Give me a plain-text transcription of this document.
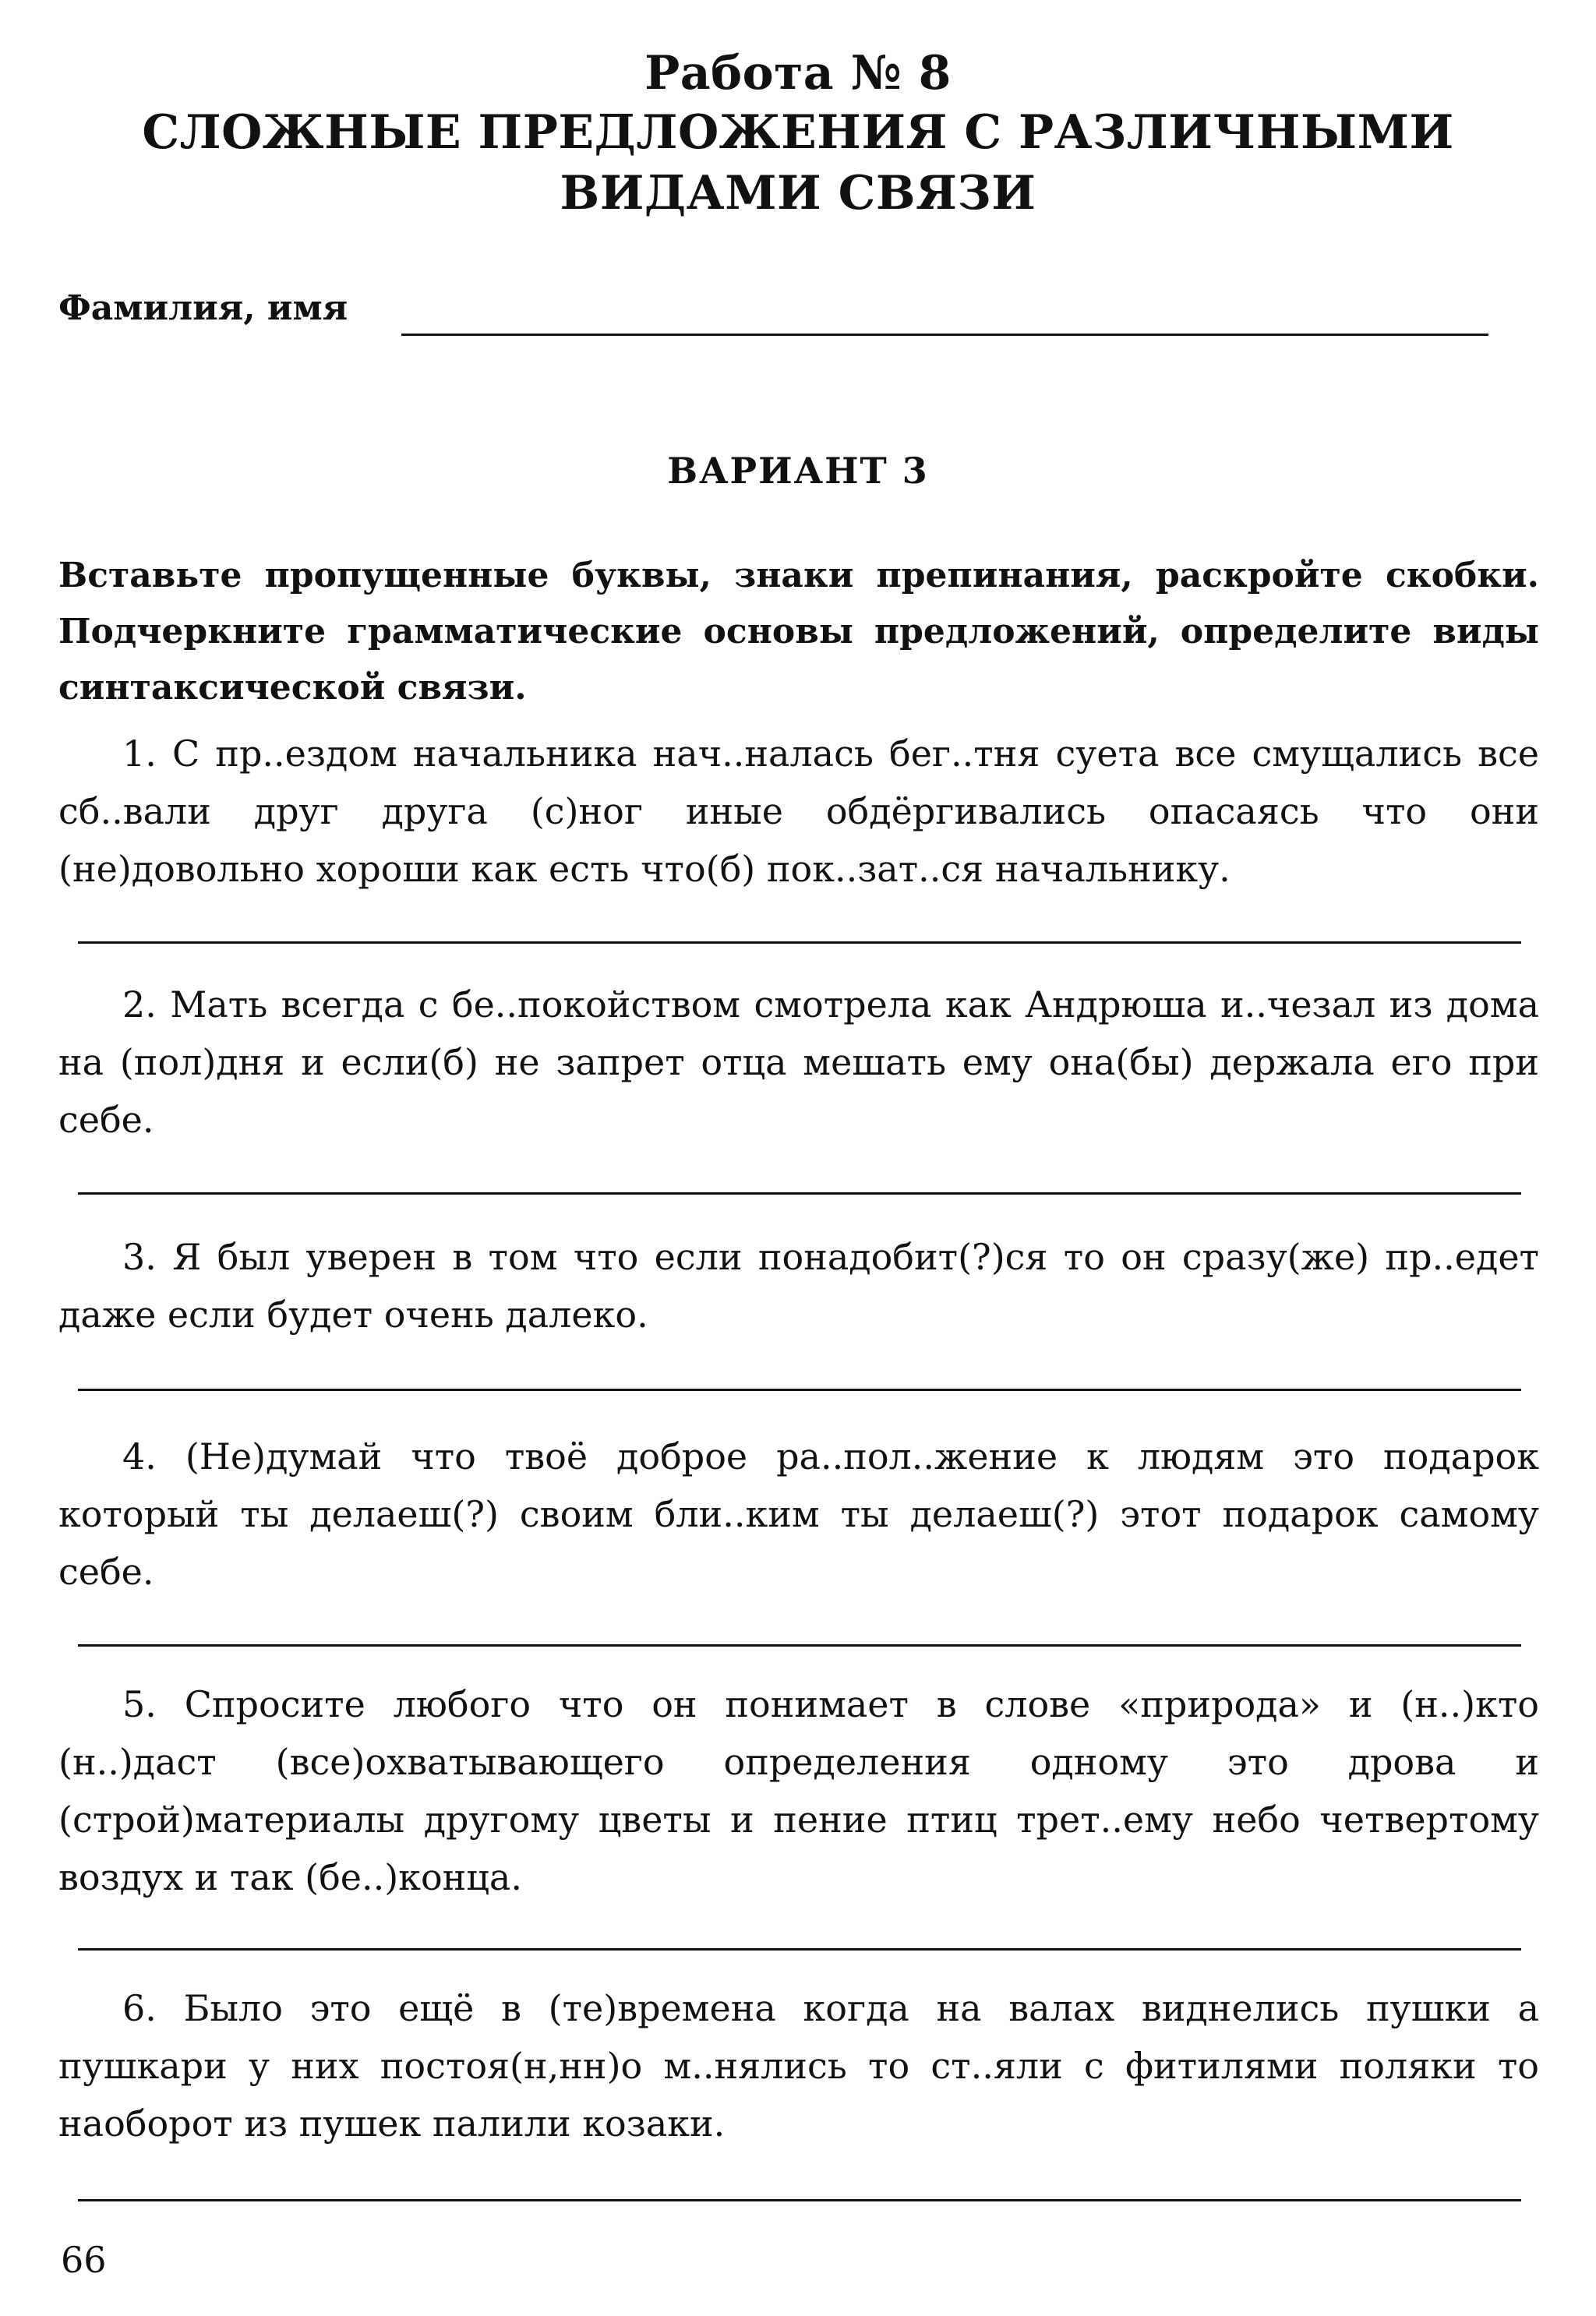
Работа № 8
СЛОЖНЫЕ ПРЕДЛОЖЕНИЯ С РАЗЛИЧНЫМИ
ВИДАМИ СВЯЗИ
Фамилия, имя
ВАРИАНТ 3
Вставьте пропущенные буквы, знаки препинания, раскройте скобки. Подчеркните грамматические основы предложений, определите виды синтаксической связи.
1. С пр..ездом начальника нач..налась бег..тня суета все смущались все сб..вали друг друга (с)ног иные обдёргивались опасаясь что они (не)довольно хороши как есть что(б) пок..зат..ся начальнику.
2. Мать всегда с бе..покойством смотрела как Андрюша и..чезал из дома на (пол)дня и если(б) не запрет отца мешать ему она(бы) держала его при себе.
3. Я был уверен в том что если понадобит(?)ся то он сразу(же) пр..едет даже если будет очень далеко.
4. (Не)думай что твоё доброе ра..пол..жение к людям это подарок который ты делаеш(?) своим бли..ким ты делаеш(?) этот подарок самому себе.
5. Спросите любого что он понимает в слове «природа» и (н..)кто (н..)даст (все)охватывающего определения одному это дрова и (строй)материалы другому цветы и пение птиц трет..ему небо четвертому воздух и так (бе..)конца.
6. Было это ещё в (те)времена когда на валах виднелись пушки а пушкари у них постоя(н,нн)о м..нялись то ст..яли с фитилями поляки то наоборот из пушек палили козаки.
66
